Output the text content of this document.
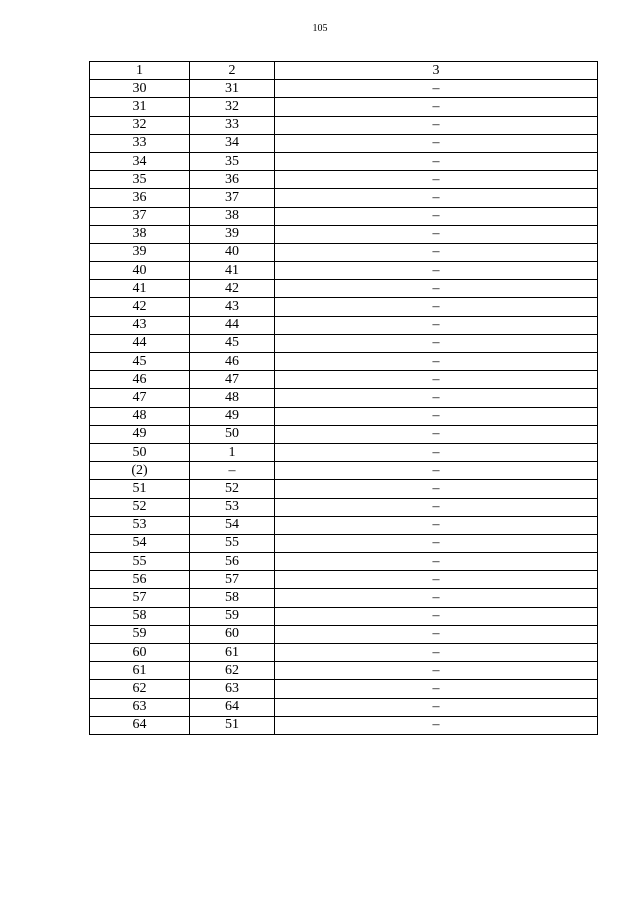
105
1	2	3
30	31	–
31	32	–
32	33	–
33	34	–
34	35	–
35	36	–
36	37	–
37	38	–
38	39	–
39	40	–
40	41	–
41	42	–
42	43	–
43	44	–
44	45	–
45	46	–
46	47	–
47	48	–
48	49	–
49	50	–
50	1	–
(2)	–	–
51	52	–
52	53	–
53	54	–
54	55	–
55	56	–
56	57	–
57	58	–
58	59	–
59	60	–
60	61	–
61	62	–
62	63	–
63	64	–
64	51	–
